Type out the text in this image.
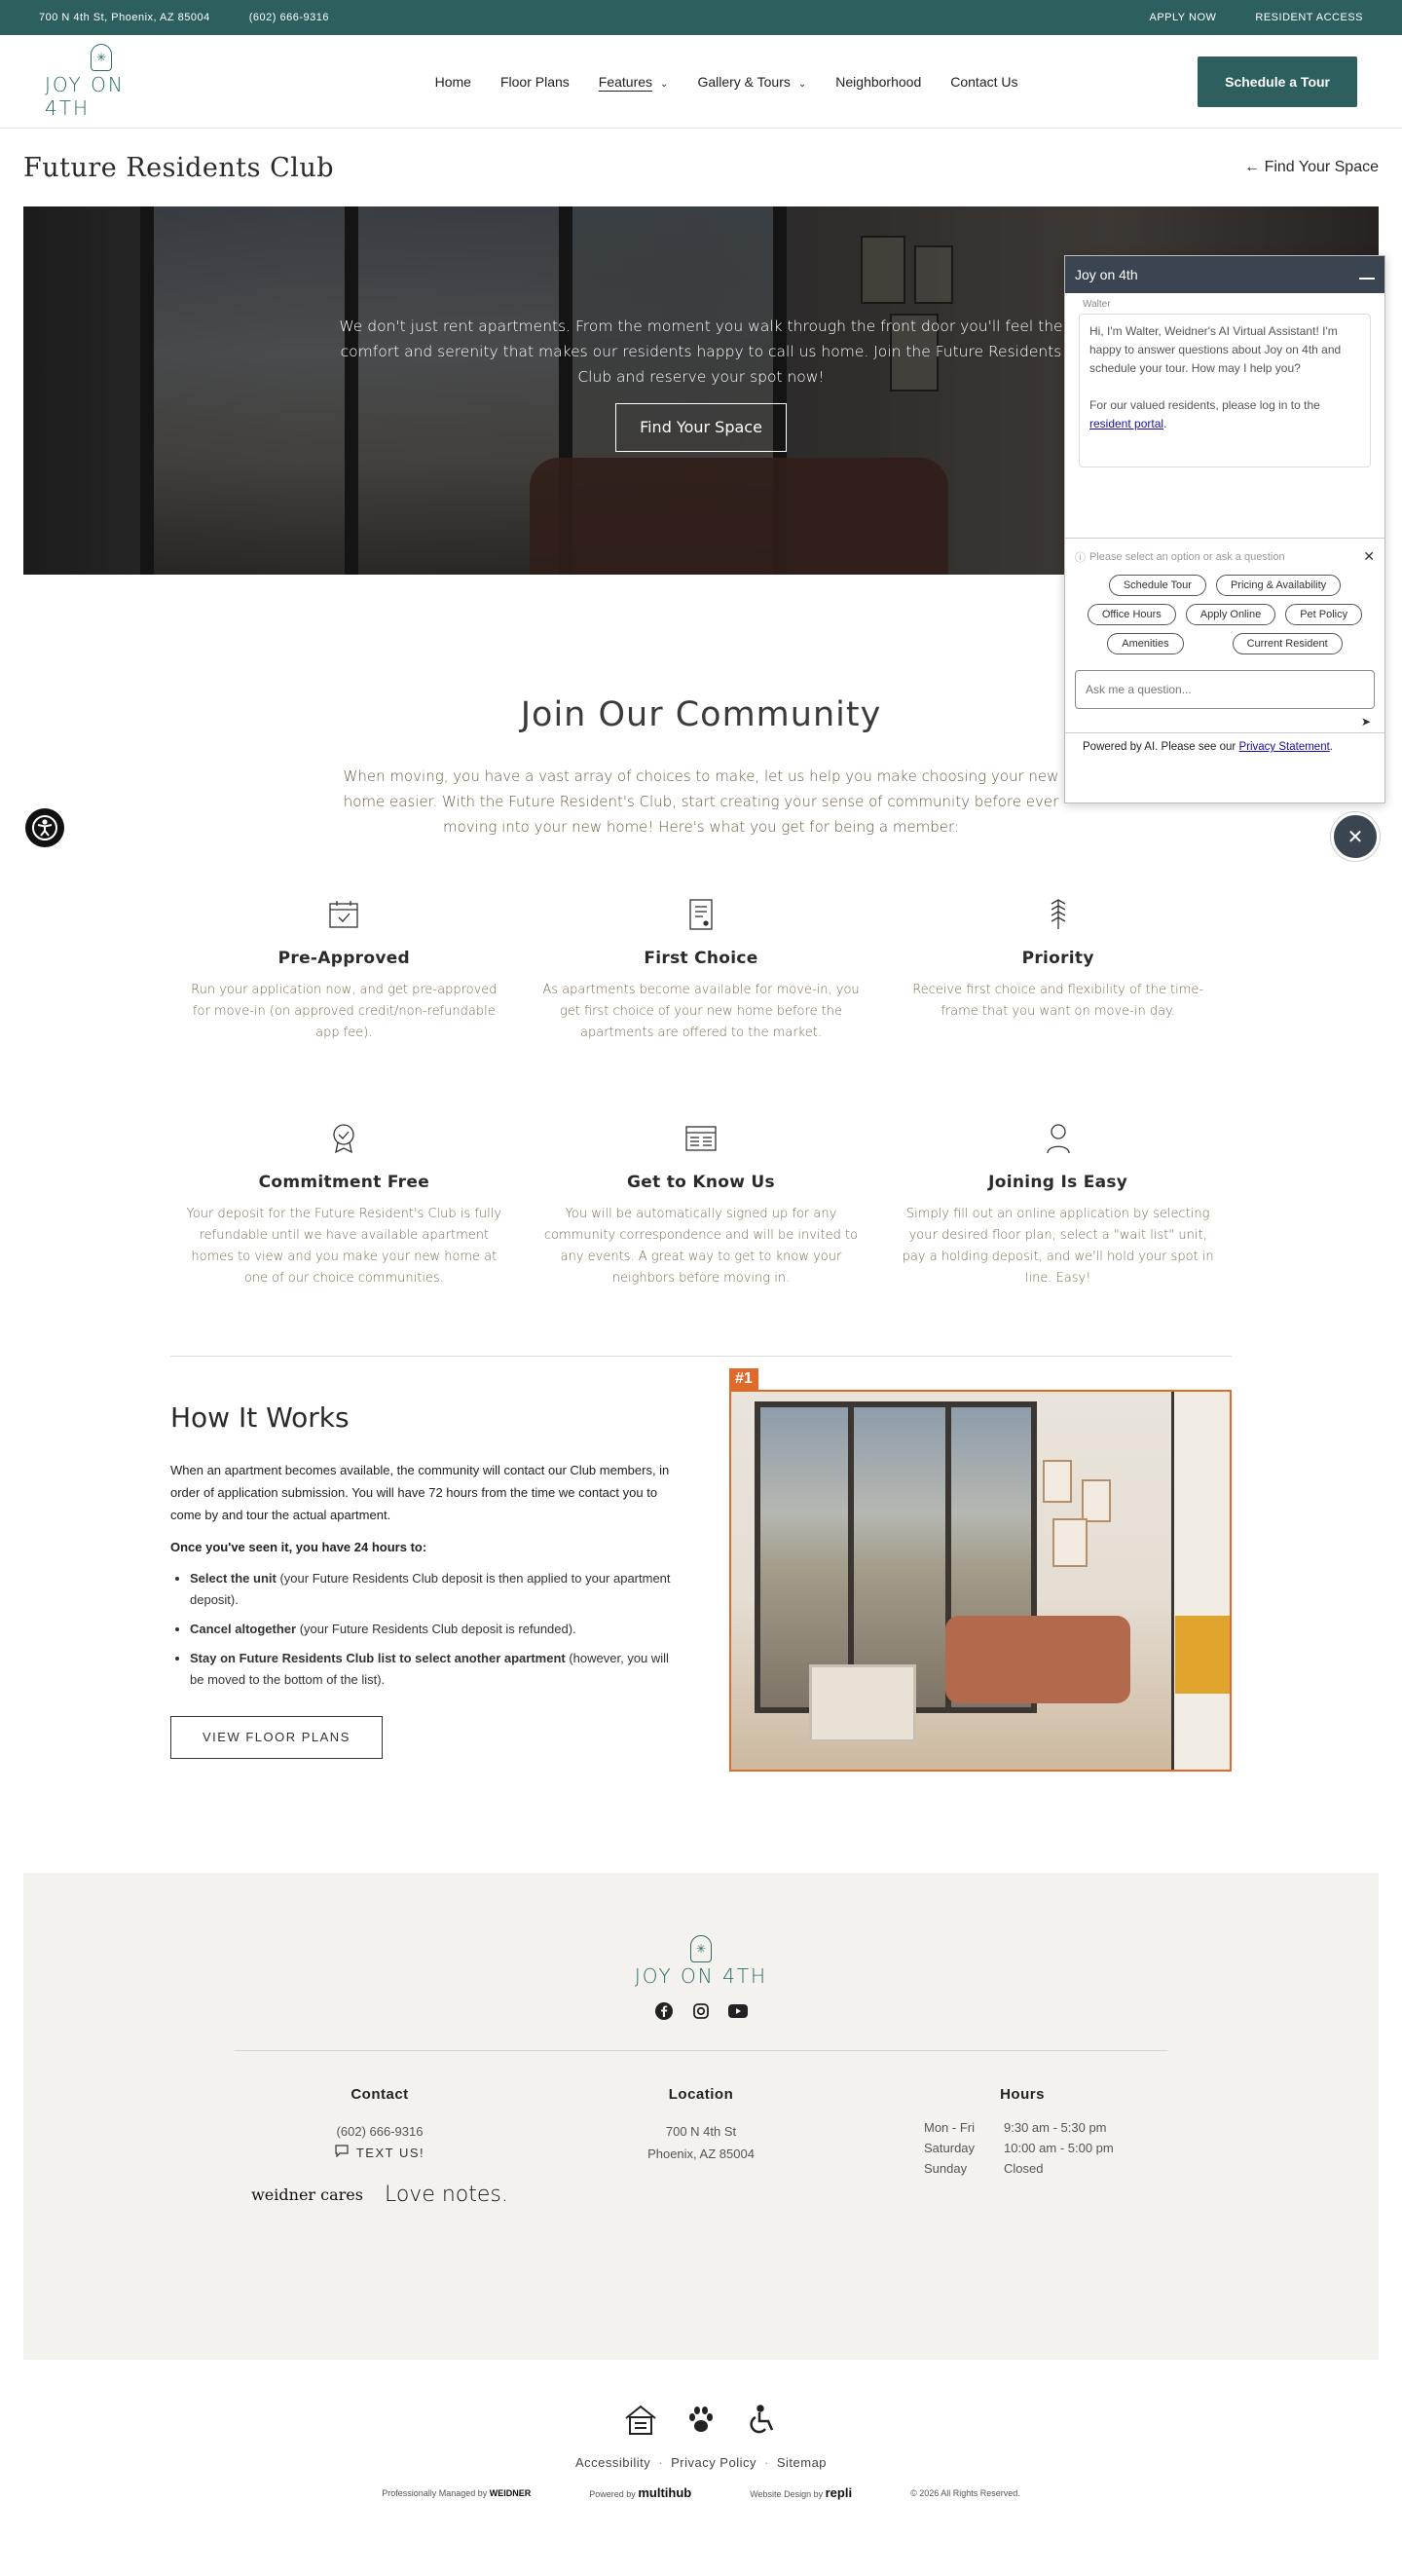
700 N 4th St, Phoenix, AZ 85004	(602) 666-9316	APPLY NOW	RESIDENT ACCESS
✳
JOY ON 4TH
Home Floor Plans Features ⌄ Gallery & Tours ⌄ Neighborhood Contact Us	Schedule a Tour
Future Residents Club	← Find Your Space

We don't just rent apartments. From the moment you walk through the front door you'll feel the comfort and serenity that makes our residents happy to call us home. Join the Future Residents Club and reserve your spot now!

Find Your Space
Join Our Community

When moving, you have a vast array of choices to make, let us help you make choosing your new home easier. With the Future Resident's Club, start creating your sense of community before ever moving into your new home! Here's what you get for being a member:

Pre-Approved

Run your application now, and get pre-approved for move-in (on approved credit/non-refundable app fee).

First Choice

As apartments become available for move-in, you get first choice of your new home before the apartments are offered to the market.

Priority

Receive first choice and flexibility of the time-frame that you want on move-in day.

Commitment Free

Your deposit for the Future Resident's Club is fully refundable until we have available apartment homes to view and you make your new home at one of our choice communities.

Get to Know Us

You will be automatically signed up for any community correspondence and will be invited to any events. A great way to get to know your neighbors before moving in.

Joining Is Easy

Simply fill out an online application by selecting your desired floor plan, select a "wait list" unit, pay a holding deposit, and we'll hold your spot in line. Easy!

How It Works

When an apartment becomes available, the community will contact our Club members, in order of application submission. You will have 72 hours from the time we contact you to come by and tour the actual apartment.

Once you've seen it, you have 24 hours to:

• Select the unit (your Future Residents Club deposit is then applied to your apartment deposit).
• Cancel altogether (your Future Residents Club deposit is refunded).
• Stay on Future Residents Club list to select another apartment (however, you will be moved to the bottom of the list).
VIEW FLOOR PLANS
#1
✳
JOY ON 4TH
Contact

(602) 666-9316

TEXT US!
weidner cares Love notes.
Location

700 N 4th St

Phoenix, AZ 85004

Hours
Mon - Fri	9:30 am - 5:30 pm
Saturday	10:00 am - 5:00 pm
Sunday	Closed
Accessibility · Privacy Policy · Sitemap
Professionally Managed by WEIDNER	Powered by multihub	Website Design by repli	© 2026 All Rights Reserved.
Joy on 4th
Walter
Hi, I'm Walter, Weidner's AI Virtual Assistant! I'm happy to answer questions about Joy on 4th and schedule your tour. How may I help you?

For our valued residents, please log in to the resident portal.
ⓘ Please select an option or ask a question	✕
Schedule Tour	Pricing & Availability
Office Hours	Apply Online	Pet Policy
Amenities	Current Resident
Ask me a question...
➤
Powered by AI. Please see our Privacy Statement.
✕
